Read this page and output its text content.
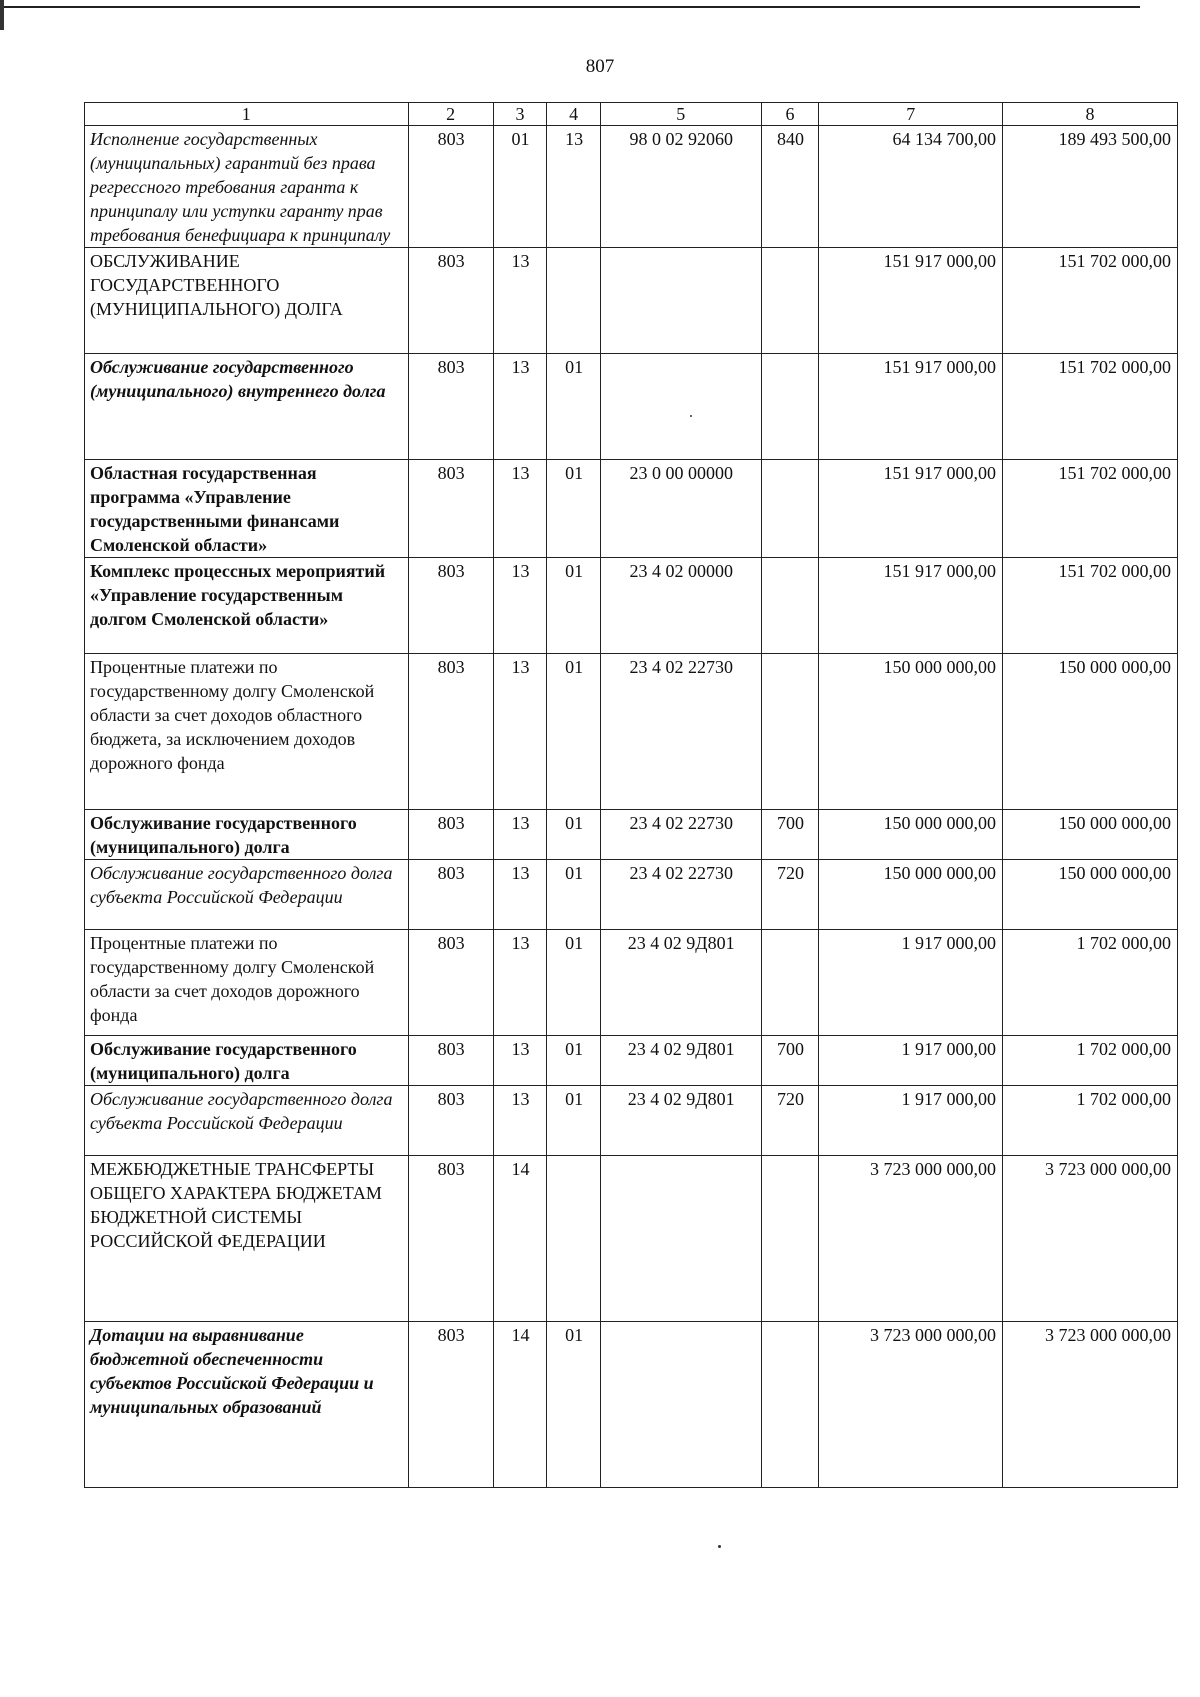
807
1	2	3	4	5	6	7	8
Исполнение государственных (муниципальных) гарантий без права регрессного требования гаранта к принципалу или уступки гаранту прав требования бенефициара к принципалу	803	01	13	98 0 02 92060	840	64 134 700,00	189 493 500,00
ОБСЛУЖИВАНИЕ ГОСУДАРСТВЕННОГО (МУНИЦИПАЛЬНОГО) ДОЛГА	803	13				151 917 000,00	151 702 000,00
Обслуживание государственного (муниципального) внутреннего долга	803	13	01			151 917 000,00	151 702 000,00
Областная государственная программа «Управление государственными финансами Смоленской области»	803	13	01	23 0 00 00000		151 917 000,00	151 702 000,00
Комплекс процессных мероприятий «Управление государственным долгом Смоленской области»	803	13	01	23 4 02 00000		151 917 000,00	151 702 000,00
Процентные платежи по государственному долгу Смоленской области за счет доходов областного бюджета, за исключением доходов дорожного фонда	803	13	01	23 4 02 22730		150 000 000,00	150 000 000,00
Обслуживание государственного (муниципального) долга	803	13	01	23 4 02 22730	700	150 000 000,00	150 000 000,00
Обслуживание государственного долга субъекта Российской Федерации	803	13	01	23 4 02 22730	720	150 000 000,00	150 000 000,00
Процентные платежи по государственному долгу Смоленской области за счет доходов дорожного фонда	803	13	01	23 4 02 9Д801		1 917 000,00	1 702 000,00
Обслуживание государственного (муниципального) долга	803	13	01	23 4 02 9Д801	700	1 917 000,00	1 702 000,00
Обслуживание государственного долга субъекта Российской Федерации	803	13	01	23 4 02 9Д801	720	1 917 000,00	1 702 000,00
МЕЖБЮДЖЕТНЫЕ ТРАНСФЕРТЫ ОБЩЕГО ХАРАКТЕРА БЮДЖЕТАМ БЮДЖЕТНОЙ СИСТЕМЫ РОССИЙСКОЙ ФЕДЕРАЦИИ	803	14				3 723 000 000,00	3 723 000 000,00
Дотации на выравнивание бюджетной обеспеченности субъектов Российской Федерации и муниципальных образований	803	14	01			3 723 000 000,00	3 723 000 000,00
